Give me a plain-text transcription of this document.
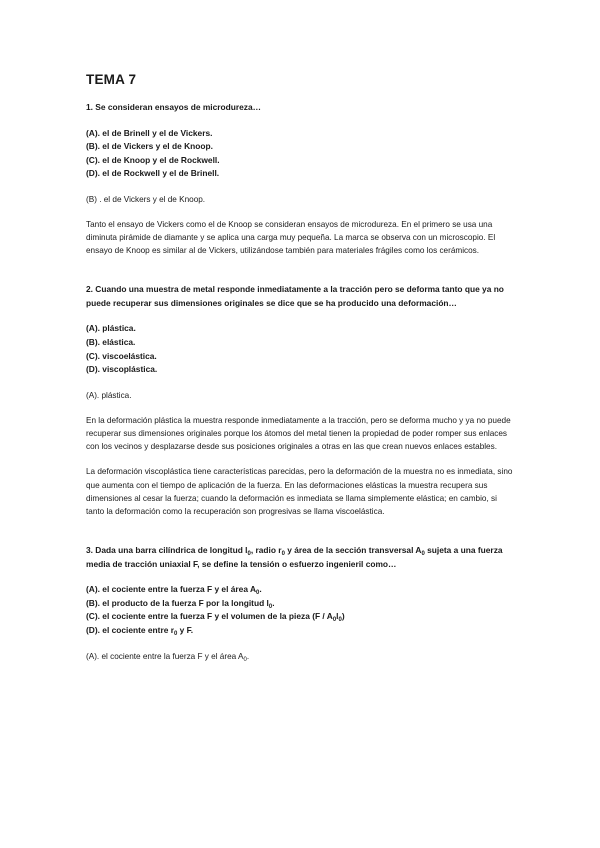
TEMA 7
1. Se consideran ensayos de microdureza…
(A). el de Brinell y el de Vickers.
(B). el de Vickers y el de Knoop.
(C). el de Knoop y el de Rockwell.
(D). el de Rockwell y el de Brinell.
(B) . el de Vickers y el de Knoop.
Tanto el ensayo de Vickers como el de Knoop se consideran ensayos de microdureza. En el primero se usa una diminuta pirámide de diamante y se aplica una carga muy pequeña. La marca se observa con un microscopio. El ensayo de Knoop es similar al de Vickers, utilizándose también para materiales frágiles como los cerámicos.
2. Cuando una muestra de metal responde inmediatamente a la tracción pero se deforma tanto que ya no puede recuperar sus dimensiones originales se dice que se ha producido una deformación…
(A). plástica.
(B). elástica.
(C). viscoelástica.
(D). viscoplástica.
(A). plástica.
En la deformación plástica la muestra responde inmediatamente a la tracción, pero se deforma mucho y ya no puede recuperar sus dimensiones originales porque los átomos del metal tienen la propiedad de poder romper sus enlaces con los vecinos y desplazarse desde sus posiciones originales a otras en las que crean nuevos enlaces estables.
La deformación viscoplástica tiene características parecidas, pero la deformación de la muestra no es inmediata, sino que aumenta con el tiempo de aplicación de la fuerza. En las deformaciones elásticas la muestra recupera sus dimensiones al cesar la fuerza; cuando la deformación es inmediata se llama simplemente elástica; en cambio, si tanto la deformación como la recuperación son progresivas se llama viscoelástica.
3. Dada una barra cilíndrica de longitud $l_0$, radio $r_0$ y área de la sección transversal $A_0$ sujeta a una fuerza media de tracción uniaxial F, se define la tensión o esfuerzo ingenieril como…
(A). el cociente entre la fuerza F y el área $A_0$.
(B). el producto de la fuerza F por la longitud $l_0$.
(C). el cociente entre la fuerza F y el volumen de la pieza $(F / A_0l_0)$
(D). el cociente entre $r_0$ y F.
(A). el cociente entre la fuerza F y el área $A_0$.
